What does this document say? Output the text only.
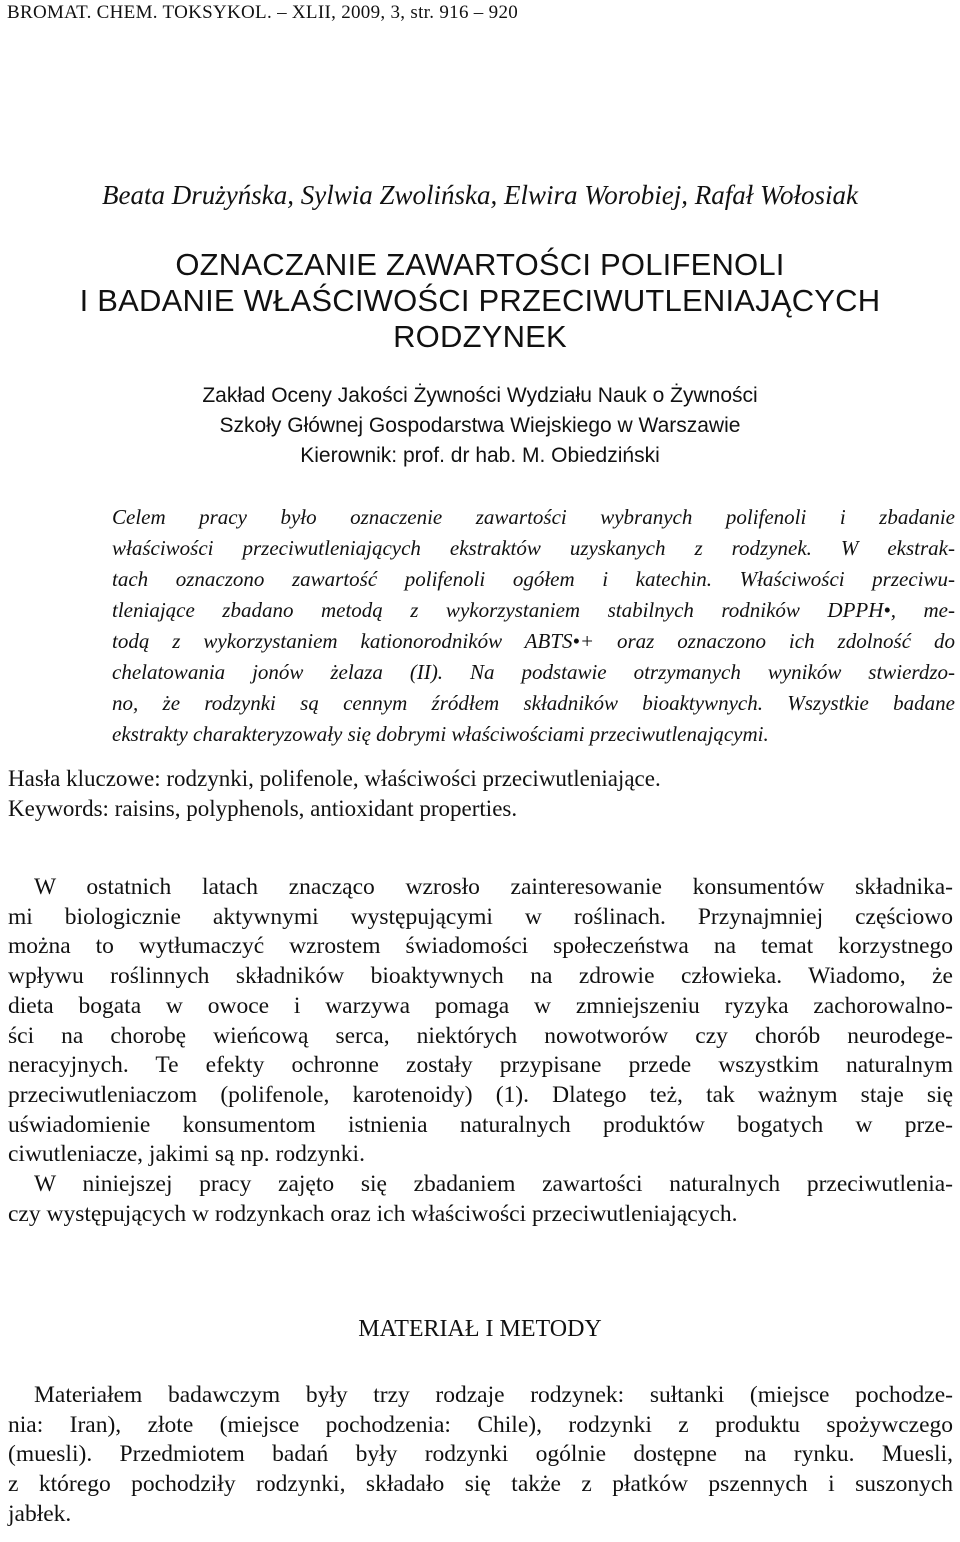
BROMAT. CHEM. TOKSYKOL. – XLII, 2009, 3, str. 916 – 920
Beata Drużyńska, Sylwia Zwolińska, Elwira Worobiej, Rafał Wołosiak
OZNACZANIE ZAWARTOŚCI POLIFENOLI
I BADANIE WŁAŚCIWOŚCI PRZECIWUTLENIAJĄCYCH
RODZYNEK
Zakład Oceny Jakości Żywności Wydziału Nauk o Żywności
Szkoły Głównej Gospodarstwa Wiejskiego w Warszawie
Kierownik: prof. dr hab. M. Obiedziński
Celem pracy było oznaczenie zawartości wybranych polifenoli i zbadanie
właściwości przeciwutleniających ekstraktów uzyskanych z rodzynek. W ekstrak-
tach oznaczono zawartość polifenoli ogółem i katechin. Właściwości przeciwu-
tleniające zbadano metodą z wykorzystaniem stabilnych rodników DPPH•, me-
todą z wykorzystaniem kationorodników ABTS•+ oraz oznaczono ich zdolność do
chelatowania jonów żelaza (II). Na podstawie otrzymanych wyników stwierdzo-
no, że rodzynki są cennym źródłem składników bioaktywnych. Wszystkie badane
ekstrakty charakteryzowały się dobrymi właściwościami przeciwutlenającymi.
Hasła kluczowe: rodzynki, polifenole, właściwości przeciwutleniające.
Keywords: raisins, polyphenols, antioxidant properties.
W ostatnich latach znacząco wzrosło zainteresowanie konsumentów składnika-
mi biologicznie aktywnymi występującymi w roślinach. Przynajmniej częściowo
można to wytłumaczyć wzrostem świadomości społeczeństwa na temat korzystnego
wpływu roślinnych składników bioaktywnych na zdrowie człowieka. Wiadomo, że
dieta bogata w owoce i warzywa pomaga w zmniejszeniu ryzyka zachorowalno-
ści na chorobę wieńcową serca, niektórych nowotworów czy chorób neurodege-
neracyjnych. Te efekty ochronne zostały przypisane przede wszystkim naturalnym
przeciwutleniaczom (polifenole, karotenoidy) (1). Dlatego też, tak ważnym staje się
uświadomienie konsumentom istnienia naturalnych produktów bogatych w prze-
ciwutleniacze, jakimi są np. rodzynki.
W niniejszej pracy zajęto się zbadaniem zawartości naturalnych przeciwutlenia-
czy występujących w rodzynkach oraz ich właściwości przeciwutleniających.
MATERIAŁ I METODY
Materiałem badawczym były trzy rodzaje rodzynek: sułtanki (miejsce pochodze-
nia: Iran), złote (miejsce pochodzenia: Chile), rodzynki z produktu spożywczego
(muesli). Przedmiotem badań były rodzynki ogólnie dostępne na rynku. Muesli,
z którego pochodziły rodzynki, składało się także z płatków pszennych i suszonych
jabłek.
